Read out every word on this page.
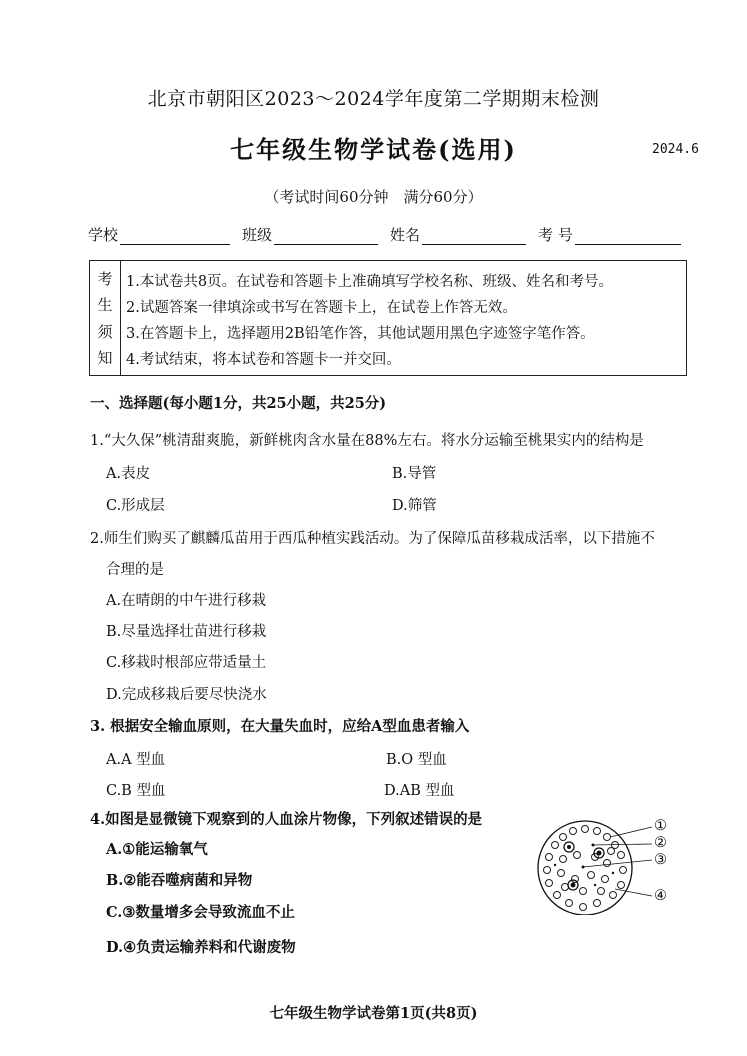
北京市朝阳区2023～2024学年度第二学期期末检测
七年级生物学试卷(选用)	2024.6
（考试时间60分钟　满分60分）
学校	班级	姓名	考 号
考
生
须
知
1.本试卷共8页。在试卷和答题卡上准确填写学校名称、班级、姓名和考号。
2.试题答案一律填涂或书写在答题卡上，在试卷上作答无效。
3.在答题卡上，选择题用2B铅笔作答，其他试题用黑色字迹签字笔作答。
4.考试结束，将本试卷和答题卡一并交回。
一、选择题(每小题1分，共25小题，共25分)
1.“大久保”桃清甜爽脆，新鲜桃肉含水量在88%左右。将水分运输至桃果实内的结构是
A.表皮	B.导管
C.形成层	D.筛管
2.师生们购买了麒麟瓜苗用于西瓜种植实践活动。为了保障瓜苗移栽成活率，以下措施不
合理的是
A.在晴朗的中午进行移栽
B.尽量选择壮苗进行移栽
C.移栽时根部应带适量土
D.完成移栽后要尽快浇水
3. 根据安全输血原则，在大量失血时，应给A型血患者输入
A.A 型血	B.O 型血
C.B 型血	D.AB 型血
4.如图是显微镜下观察到的人血涂片物像，下列叙述错误的是
A.①能运输氧气
B.②能吞噬病菌和异物
C.③数量增多会导致流血不止
D.④负责运输养料和代谢废物
①
②
③
④
七年级生物学试卷第1页(共8页)
